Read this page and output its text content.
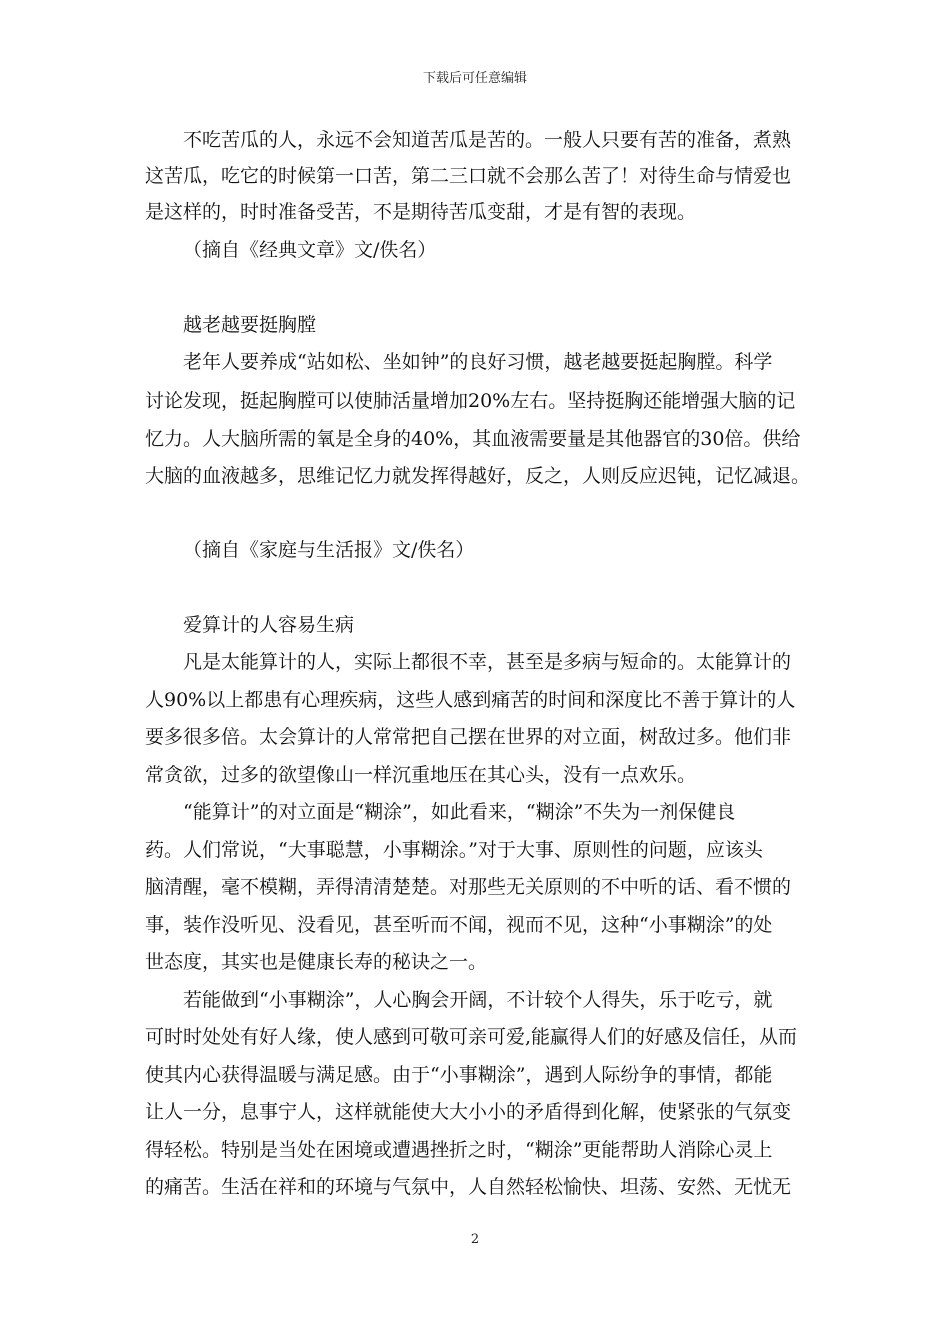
下载后可任意编辑
不吃苦瓜的人，永远不会知道苦瓜是苦的。一般人只要有苦的准备，煮熟
这苦瓜，吃它的时候第一口苦，第二三口就不会那么苦了！对待生命与情爱也
是这样的，时时准备受苦，不是期待苦瓜变甜，才是有智的表现。
（摘自《经典文章》文/佚名）
越老越要挺胸膛
老年人要养成“站如松、坐如钟”的良好习惯，越老越要挺起胸膛。科学
讨论发现，挺起胸膛可以使肺活量增加20%左右。坚持挺胸还能增强大脑的记
忆力。人大脑所需的氧是全身的40%，其血液需要量是其他器官的30倍。供给
大脑的血液越多，思维记忆力就发挥得越好，反之，人则反应迟钝，记忆减退。
（摘自《家庭与生活报》文/佚名）
爱算计的人容易生病
凡是太能算计的人，实际上都很不幸，甚至是多病与短命的。太能算计的
人90%以上都患有心理疾病，这些人感到痛苦的时间和深度比不善于算计的人
要多很多倍。太会算计的人常常把自己摆在世界的对立面，树敌过多。他们非
常贪欲，过多的欲望像山一样沉重地压在其心头，没有一点欢乐。
“能算计”的对立面是“糊涂”，如此看来，“糊涂”不失为一剂保健良
药。人们常说，“大事聪慧，小事糊涂。”对于大事、原则性的问题，应该头
脑清醒，毫不模糊，弄得清清楚楚。对那些无关原则的不中听的话、看不惯的
事，装作没听见、没看见，甚至听而不闻，视而不见，这种“小事糊涂”的处
世态度，其实也是健康长寿的秘诀之一。
若能做到“小事糊涂”，人心胸会开阔，不计较个人得失，乐于吃亏，就
可时时处处有好人缘，使人感到可敬可亲可爱,能赢得人们的好感及信任，从而
使其内心获得温暖与满足感。由于“小事糊涂”，遇到人际纷争的事情，都能
让人一分，息事宁人，这样就能使大大小小的矛盾得到化解，使紧张的气氛变
得轻松。特别是当处在困境或遭遇挫折之时，“糊涂”更能帮助人消除心灵上
的痛苦。生活在祥和的环境与气氛中，人自然轻松愉快、坦荡、安然、无忧无
2
